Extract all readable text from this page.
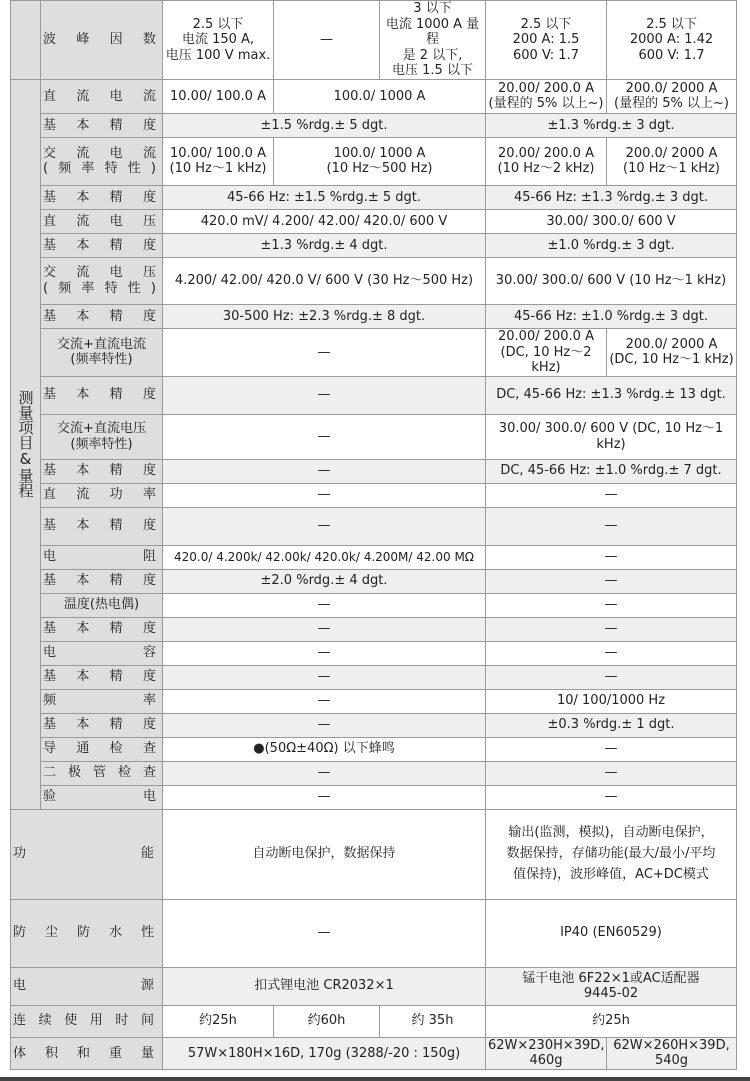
	波峰因数	2.5 以下
电流 150 A,
电压 100 V max.	—	3 以下
电流 1000 A 量程
是 2 以下,
电压 1.5 以下	2.5 以下
200 A: 1.5
600 V: 1.7	2.5 以下
2000 A: 1.42
600 V: 1.7

测量项目&量程	直流电流	10.00/ 100.0 A	100.0/ 1000 A		20.00/ 200.0 A
(量程的 5% 以上~)	200.0/ 2000 A
(量程的 5% 以上~)
	基本精度	±1.5 %rdg.± 5 dgt.			±1.3 %rdg.± 3 dgt.	
	交流电流
(频率特性)	10.00/ 100.0 A
(10 Hz～1 kHz)	100.0/ 1000 A
(10 Hz～500 Hz)		20.00/ 200.0 A
(10 Hz～2 kHz)	200.0/ 2000 A
(10 Hz～1 kHz)
	基本精度	45-66 Hz: ±1.5 %rdg.± 5 dgt.			45-66 Hz: ±1.3 %rdg.± 3 dgt.	
	直流电压	420.0 mV/ 4.200/ 42.00/ 420.0/ 600 V			30.00/ 300.0/ 600 V	
	基本精度	±1.3 %rdg.± 4 dgt.			±1.0 %rdg.± 3 dgt.	
	交流电压
(频率特性)	4.200/ 42.00/ 420.0 V/ 600 V (30 Hz～500 Hz)			30.00/ 300.0/ 600 V (10 Hz～1 kHz)	
	基本精度	30-500 Hz: ±2.3 %rdg.± 8 dgt.			45-66 Hz: ±1.0 %rdg.± 3 dgt.	
	交流+直流电流
(频率特性)	—			20.00/ 200.0 A
(DC, 10 Hz～2 kHz)	200.0/ 2000 A
(DC, 10 Hz～1 kHz)
	基本精度	—			DC, 45-66 Hz: ±1.3 %rdg.± 13 dgt.	
	交流+直流电压
(频率特性)	—			30.00/ 300.0/ 600 V (DC, 10 Hz～1 kHz)	
	基本精度	—			DC, 45-66 Hz: ±1.0 %rdg.± 7 dgt.	
	直流功率	—			—	
	基本精度	—			—	
	电阻	420.0/ 4.200k/ 42.00k/ 420.0k/ 4.200M/ 42.00 MΩ			—	
	基本精度	±2.0 %rdg.± 4 dgt.			—	
	温度(热电偶)	—			—	
	基本精度	—			—	
	电容	—			—	
	基本精度	—			—	
	频率	—			10/ 100/1000 Hz	
	基本精度	—			±0.3 %rdg.± 1 dgt.	
	导通检查	●(50Ω±40Ω) 以下蜂鸣			—	
	二极管检查	—			—	
	验电	—			—	
功能		自动断电保护，数据保持			输出(监测，模拟)，自动断电保护，
数据保持，存储功能(最大/最小/平均
值保持)，波形峰值，AC+DC模式	
防尘防水性		—			IP40 (EN60529)	
电源		扣式锂电池 CR2032×1			锰干电池 6F22×1或AC适配器
9445-02	
连续使用时间		约25h	约60h	约 35h	约25h	
体积和重量		57W×180H×16D, 170g (3288/-20 : 150g)			62W×230H×39D, 460g	62W×260H×39D, 540g
